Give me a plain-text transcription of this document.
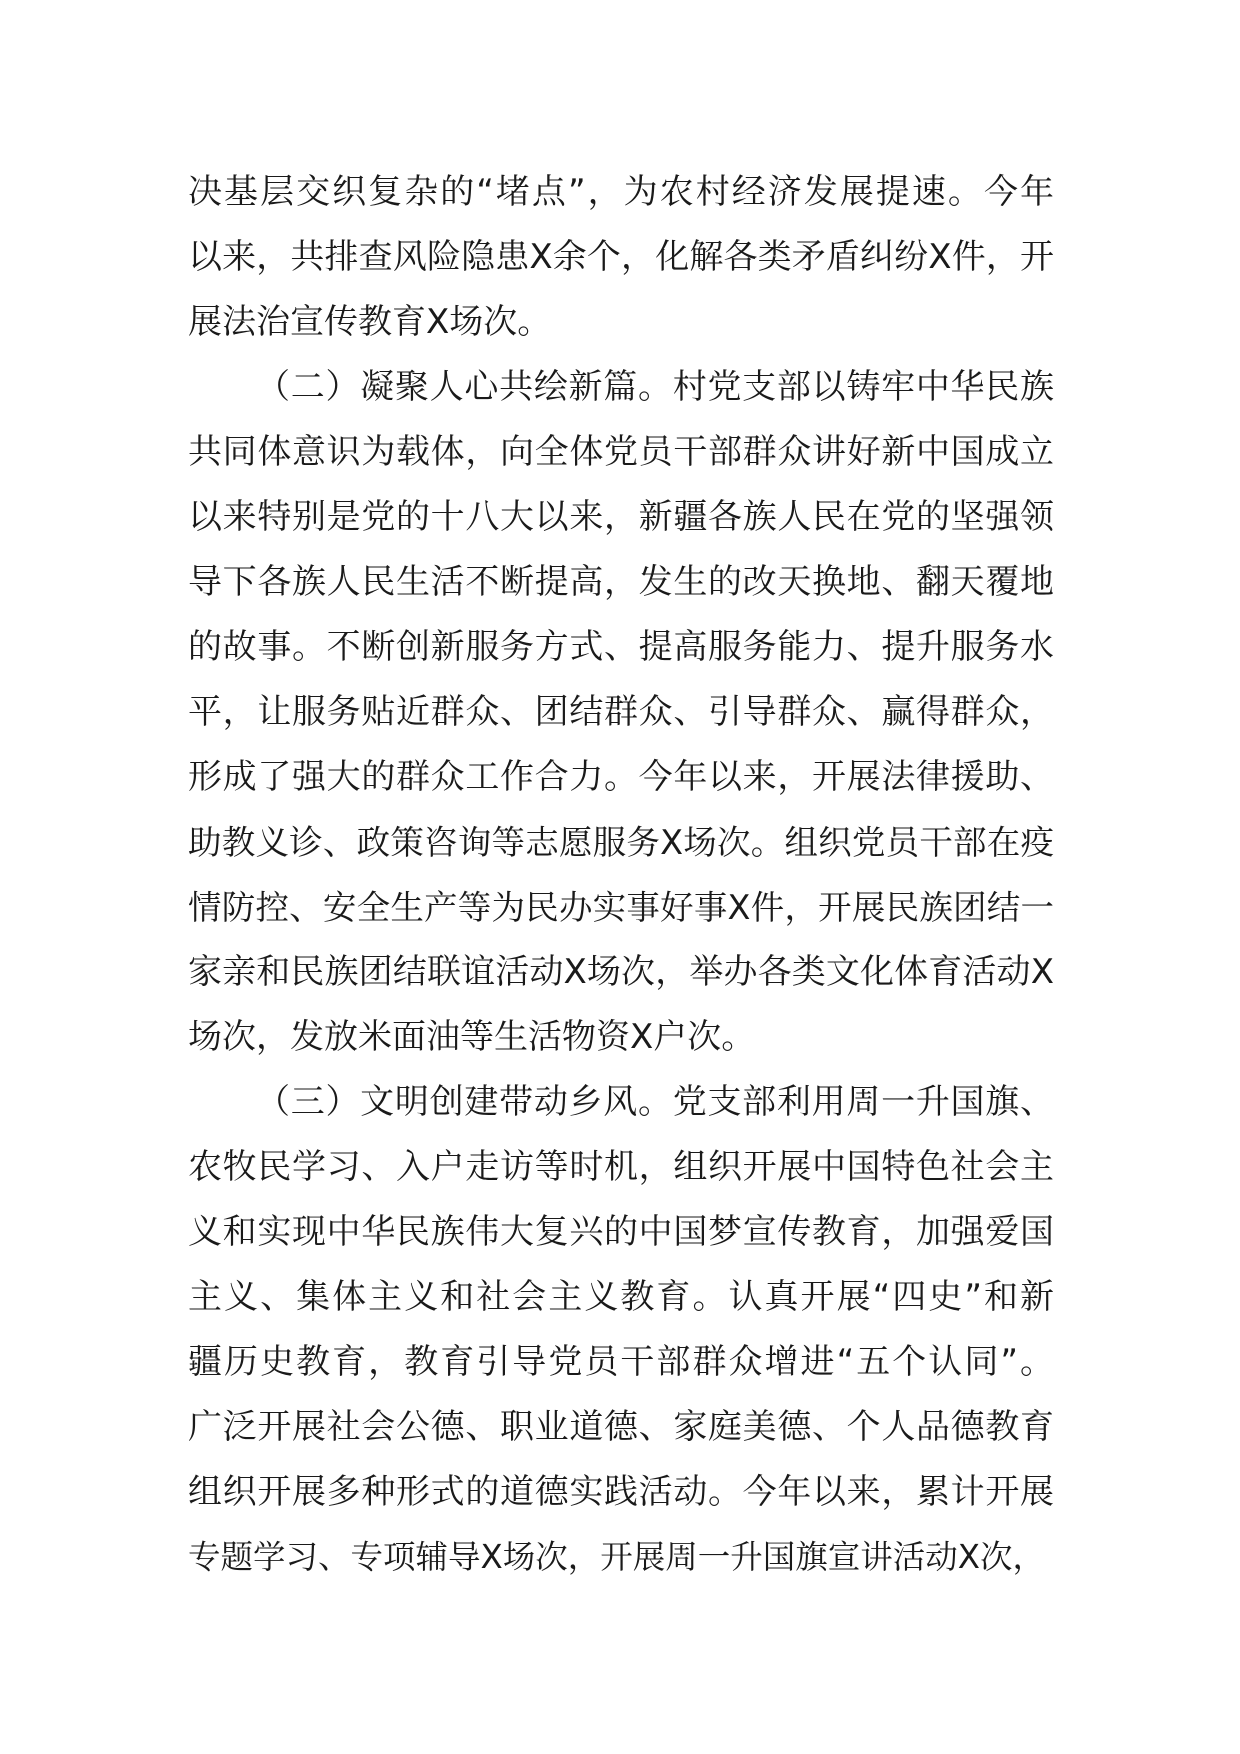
决基层交织复杂的“堵点”，为农村经济发展提速。今年
以来，共排查风险隐患Ⅹ余个，化解各类矛盾纠纷Ⅹ件，开
展法治宣传教育Ⅹ场次。
（二）凝聚人心共绘新篇。村党支部以铸牢中华民族
共同体意识为载体，向全体党员干部群众讲好新中国成立
以来特别是党的十八大以来，新疆各族人民在党的坚强领
导下各族人民生活不断提高，发生的改天换地、翻天覆地
的故事。不断创新服务方式、提高服务能力、提升服务水
平，让服务贴近群众、团结群众、引导群众、赢得群众，
形成了强大的群众工作合力。今年以来，开展法律援助、
助教义诊、政策咨询等志愿服务Ⅹ场次。组织党员干部在疫
情防控、安全生产等为民办实事好事Ⅹ件，开展民族团结一
家亲和民族团结联谊活动Ⅹ场次，举办各类文化体育活动Ⅹ
场次，发放米面油等生活物资Ⅹ户次。
（三）文明创建带动乡风。党支部利用周一升国旗、
农牧民学习、入户走访等时机，组织开展中国特色社会主
义和实现中华民族伟大复兴的中国梦宣传教育，加强爱国
主义、集体主义和社会主义教育。认真开展“四史”和新
疆历史教育，教育引导党员干部群众增进“五个认同”。
广泛开展社会公德、职业道德、家庭美德、个人品德教育
组织开展多种形式的道德实践活动。今年以来，累计开展
专题学习、专项辅导Ⅹ场次，开展周一升国旗宣讲活动Ⅹ次，
